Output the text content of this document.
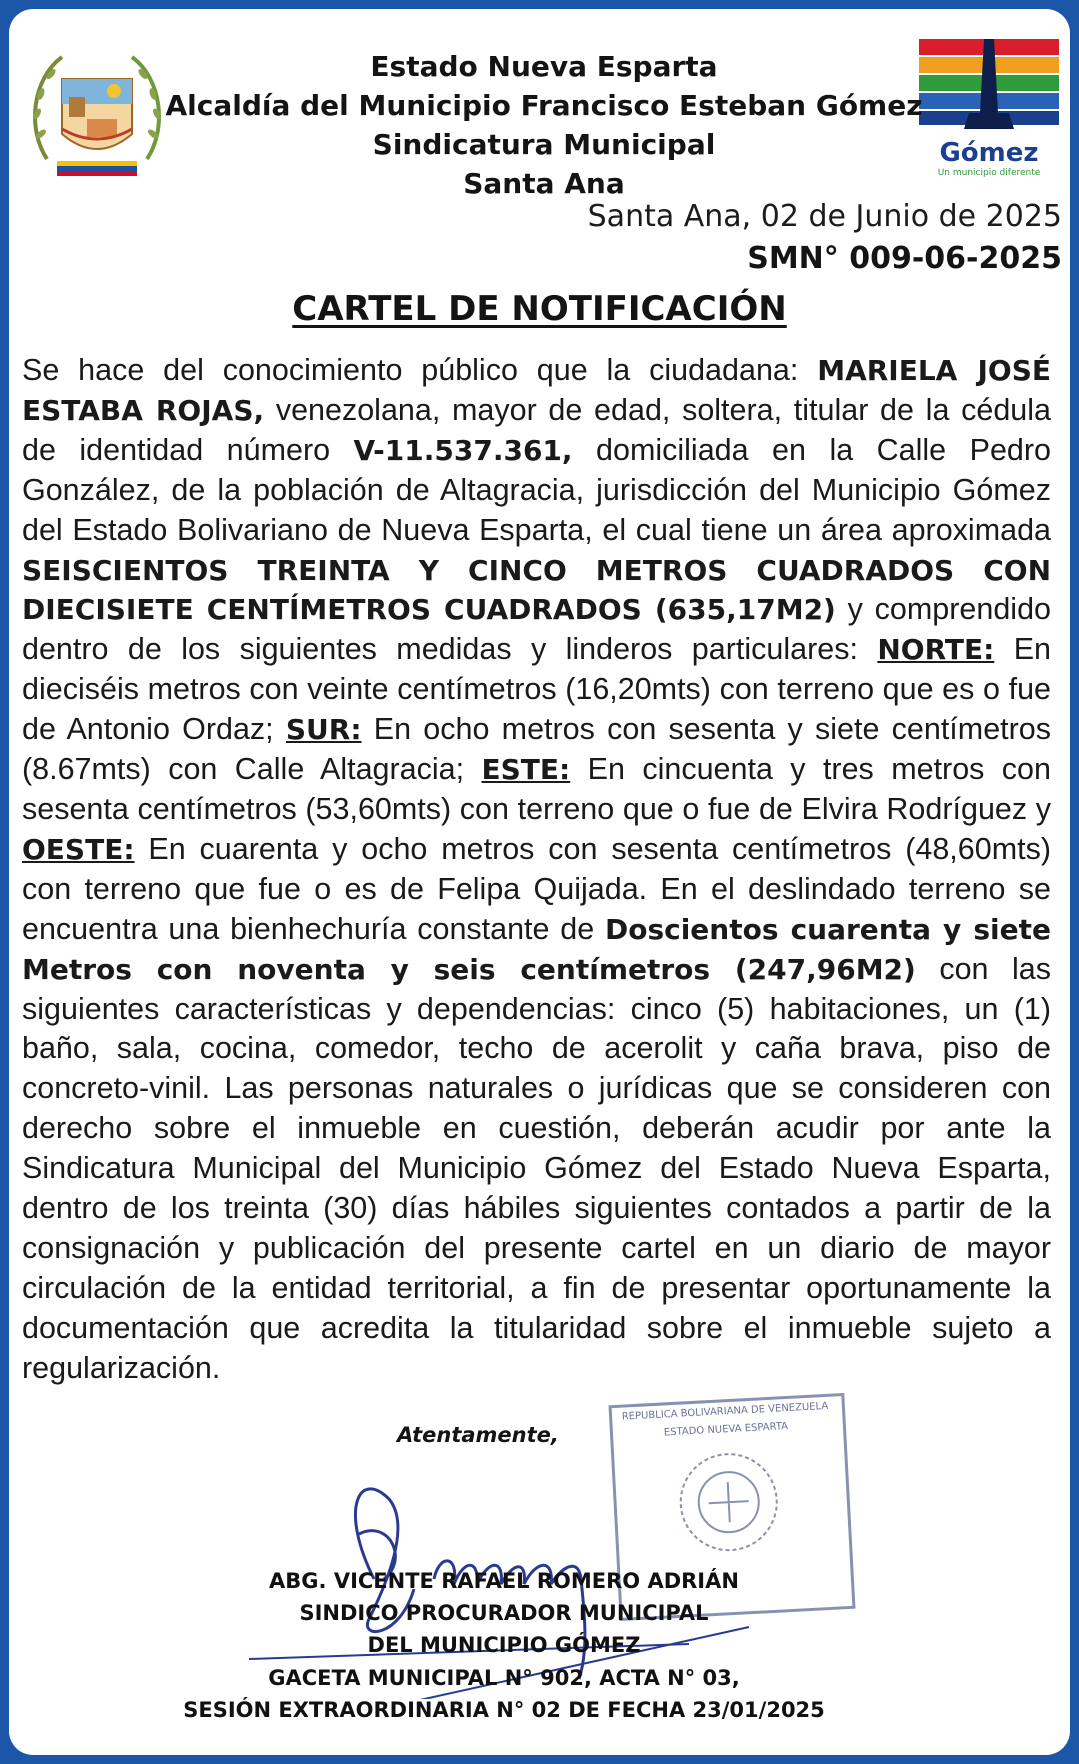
Gómez
Un municipio diferente
Estado Nueva Esparta
Alcaldía del Municipio Francisco Esteban Gómez
Sindicatura Municipal
Santa Ana
Santa Ana, 02 de Junio de 2025
SMN° 009-06-2025
CARTEL DE NOTIFICACIÓN
Se hace del conocimiento público que la ciudadana: MARIELA JOSÉ ESTABA ROJAS, venezolana, mayor de edad, soltera, titular de la cédula de identidad número V-11.537.361, domiciliada en la Calle Pedro González, de la población de Altagracia, jurisdicción del Municipio Gómez del Estado Bolivariano de Nueva Esparta, el cual tiene un área aproximada SEISCIENTOS TREINTA Y CINCO METROS CUADRADOS CON DIECISIETE CENTÍMETROS CUADRADOS (635,17M2) y comprendido dentro de los siguientes medidas y linderos particulares: NORTE: En dieciséis metros con veinte centímetros (16,20mts) con terreno que es o fue de Antonio Ordaz; SUR: En ocho metros con sesenta y siete centímetros (8.67mts) con Calle Altagracia; ESTE: En cincuenta y tres metros con sesenta centímetros (53,60mts) con terreno que o fue de Elvira Rodríguez y OESTE: En cuarenta y ocho metros con sesenta centímetros (48,60mts) con terreno que fue o es de Felipa Quijada. En el deslindado terreno se encuentra una bienhechuría constante de Doscientos cuarenta y siete Metros con noventa y seis centímetros (247,96M2) con las siguientes características y dependencias: cinco (5) habitaciones, un (1) baño, sala, cocina, comedor, techo de acerolit y caña brava, piso de concreto-vinil. Las personas naturales o jurídicas que se consideren con derecho sobre el inmueble en cuestión, deberán acudir por ante la Sindicatura Municipal del Municipio Gómez del Estado Nueva Esparta, dentro de los treinta (30) días hábiles siguientes contados a partir de la consignación y publicación del presente cartel en un diario de mayor circulación de la entidad territorial, a fin de presentar oportunamente la documentación que acredita la titularidad sobre el inmueble sujeto a regularización.
REPUBLICA BOLIVARIANA DE VENEZUELA
ESTADO NUEVA ESPARTA
Atentamente,
ABG. VICENTE RAFAEL ROMERO ADRIÁN
SINDICO PROCURADOR MUNICIPAL
DEL MUNICIPIO GÓMEZ
GACETA MUNICIPAL N° 902, ACTA N° 03,
SESIÓN EXTRAORDINARIA N° 02 DE FECHA 23/01/2025
